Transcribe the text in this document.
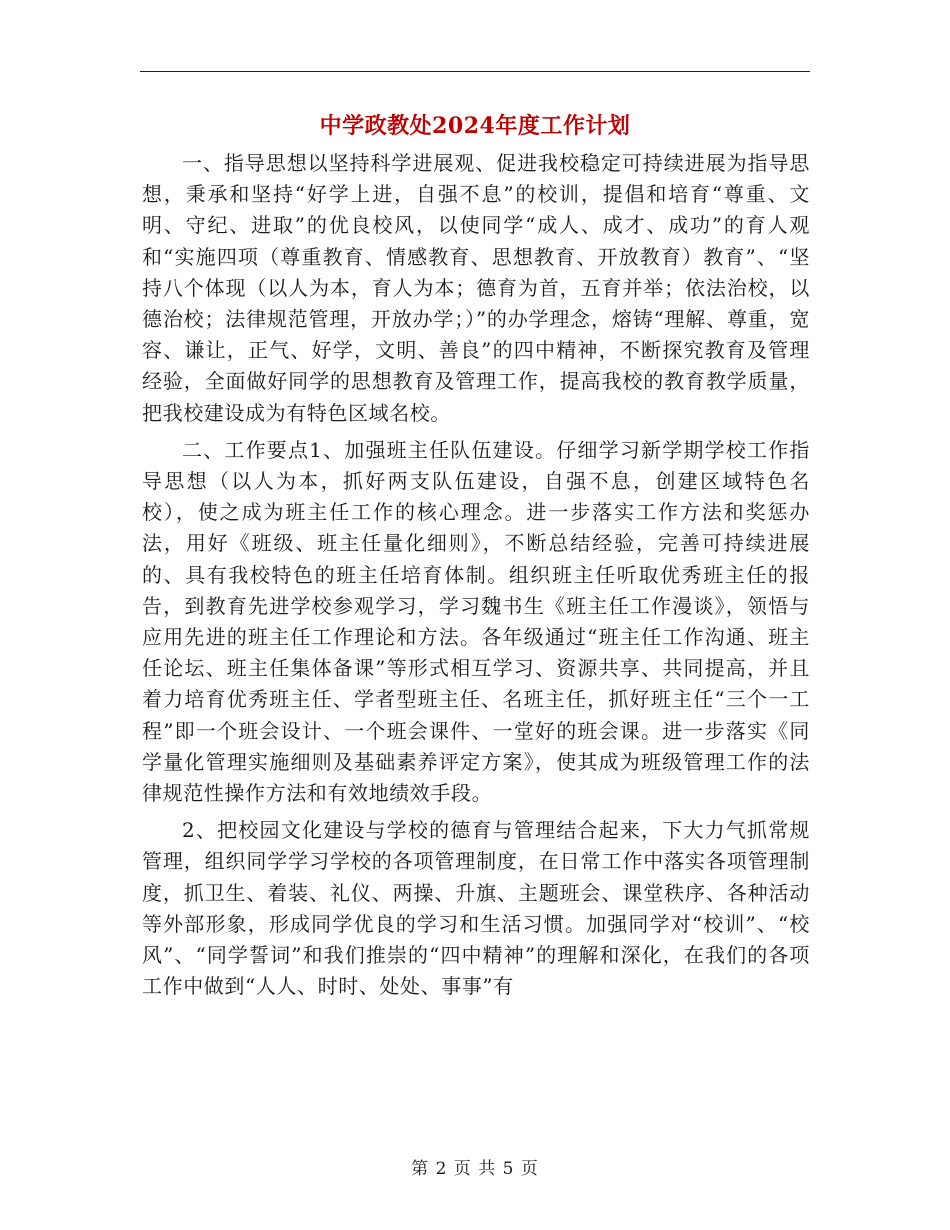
中学政教处2024年度工作计划

一、指导思想以坚持科学进展观、促进我校稳定可持续进展为指导思想，秉承和坚持“好学上进，自强不息”的校训，提倡和培育“尊重、文明、守纪、进取”的优良校风，以使同学“成人、成才、成功”的育人观和“实施四项（尊重教育、情感教育、思想教育、开放教育）教育”、“坚持八个体现（以人为本，育人为本；德育为首，五育并举；依法治校，以德治校；法律规范管理，开放办学；）”的办学理念，熔铸“理解、尊重，宽容、谦让，正气、好学，文明、善良”的四中精神，不断探究教育及管理经验，全面做好同学的思想教育及管理工作，提高我校的教育教学质量，把我校建设成为有特色区域名校。

二、工作要点1、加强班主任队伍建设。仔细学习新学期学校工作指导思想（以人为本，抓好两支队伍建设，自强不息，创建区域特色名校），使之成为班主任工作的核心理念。进一步落实工作方法和奖惩办法，用好《班级、班主任量化细则》，不断总结经验，完善可持续进展的、具有我校特色的班主任培育体制。组织班主任听取优秀班主任的报告，到教育先进学校参观学习，学习魏书生《班主任工作漫谈》，领悟与应用先进的班主任工作理论和方法。各年级通过“班主任工作沟通、班主任论坛、班主任集体备课”等形式相互学习、资源共享、共同提高，并且着力培育优秀班主任、学者型班主任、名班主任，抓好班主任“三个一工程”即一个班会设计、一个班会课件、一堂好的班会课。进一步落实《同学量化管理实施细则及基础素养评定方案》，使其成为班级管理工作的法律规范性操作方法和有效地绩效手段。

2、把校园文化建设与学校的德育与管理结合起来，下大力气抓常规管理，组织同学学习学校的各项管理制度，在日常工作中落实各项管理制度，抓卫生、着装、礼仪、两操、升旗、主题班会、课堂秩序、各种活动等外部形象，形成同学优良的学习和生活习惯。加强同学对“校训”、“校风”、“同学誓词”和我们推崇的“四中精神”的理解和深化，在我们的各项工作中做到“人人、时时、处处、事事”有

第 2 页 共 5 页
